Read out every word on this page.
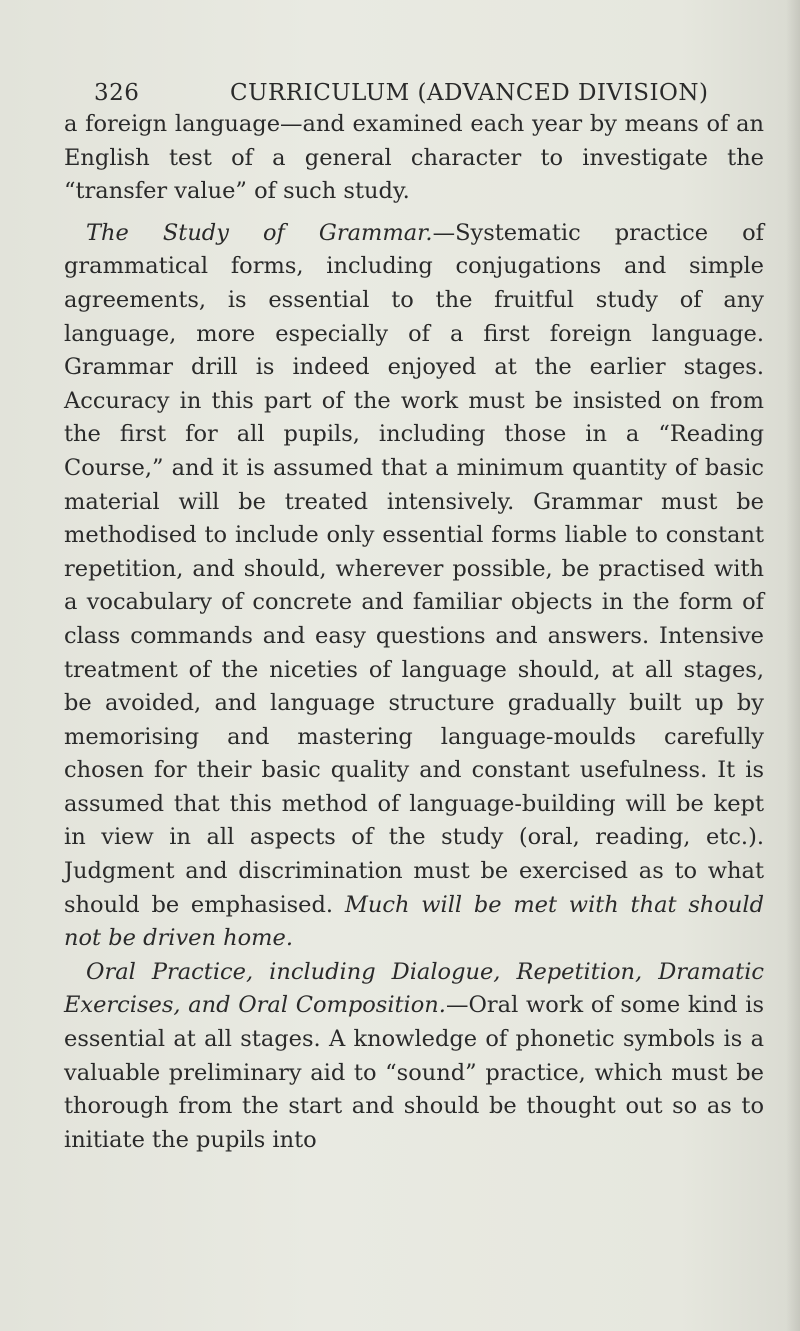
326	CURRICULUM (ADVANCED DIVISION)

a foreign language—and examined each year by means of an English test of a general character to investigate the “transfer value” of such study.

The Study of Grammar.—Systematic practice of grammatical forms, including conjugations and simple agreements, is essential to the fruitful study of any language, more especially of a first foreign language. Grammar drill is indeed enjoyed at the earlier stages. Accuracy in this part of the work must be insisted on from the first for all pupils, including those in a “Reading Course,” and it is assumed that a minimum quantity of basic material will be treated intensively. Grammar must be methodised to include only essential forms liable to constant repetition, and should, wherever possible, be practised with a vocabulary of concrete and familiar objects in the form of class commands and easy questions and answers. Intensive treatment of the niceties of language should, at all stages, be avoided, and language structure gradually built up by memorising and mastering language-moulds carefully chosen for their basic quality and constant usefulness. It is assumed that this method of language-building will be kept in view in all aspects of the study (oral, reading, etc.). Judgment and discrimination must be exercised as to what should be emphasised. Much will be met with that should not be driven home.

Oral Practice, including Dialogue, Repetition, Dramatic Exercises, and Oral Composition.—Oral work of some kind is essential at all stages. A knowledge of phonetic symbols is a valuable preliminary aid to “sound” practice, which must be thorough from the start and should be thought out so as to initiate the pupils into
